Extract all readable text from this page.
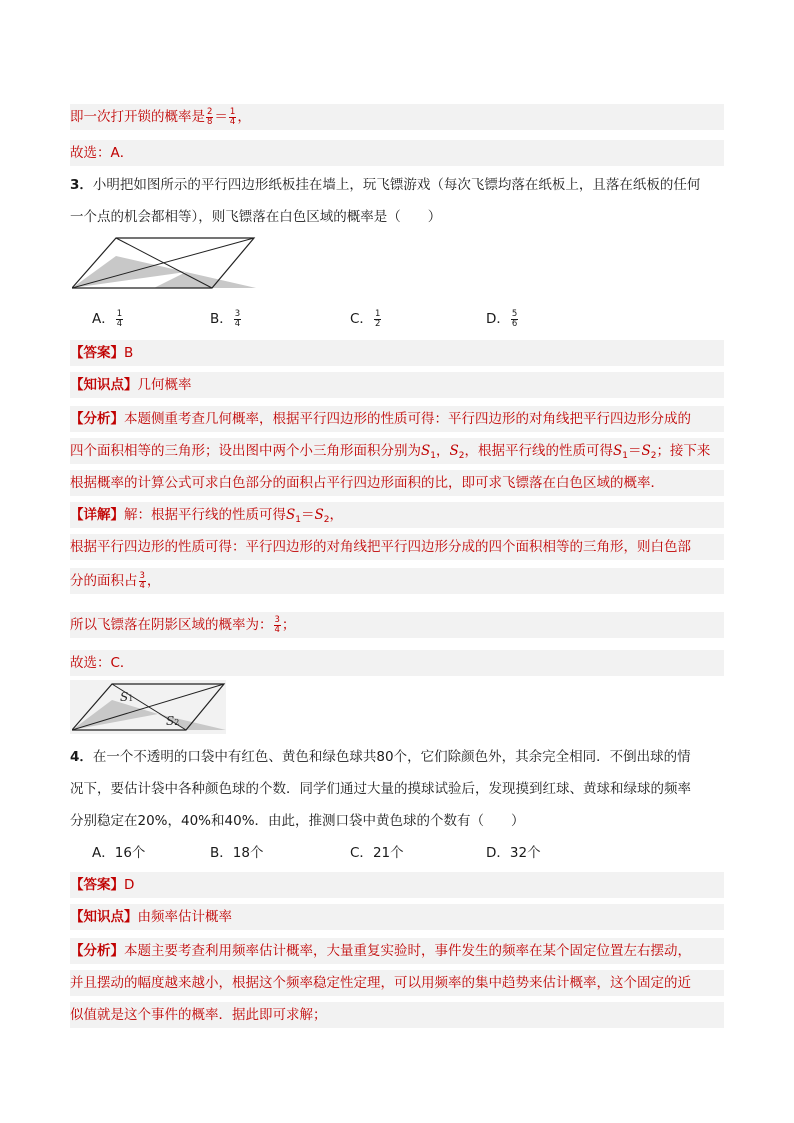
即一次打开锁的概率是 $\frac{2}{8} = \frac{1}{4}$ ，
故选：A．
3．小明把如图所示的平行四边形纸板挂在墙上，玩飞镖游戏（每次飞镖均落在纸板上，且落在纸板的任何
一个点的机会都相等），则飞镖落在白色区域的概率是（　　）
A． $\frac{1}{4}$	B． $\frac{3}{4}$	C． $\frac{1}{2}$	D． $\frac{5}{6}$
【答案】B
【知识点】几何概率
【分析】本题侧重考查几何概率，根据平行四边形的性质可得：平行四边形的对角线把平行四边形分成的
四个面积相等的三角形；设出图中两个小三角形面积分别为$S_1$，$S_2$，根据平行线的性质可得$S_1=S_2$；接下来
根据概率的计算公式可求白色部分的面积占平行四边形面积的比，即可求飞镖落在白色区域的概率．
【详解】解：根据平行线的性质可得$S_1=S_2$，
根据平行四边形的性质可得：平行四边形的对角线把平行四边形分成的四个面积相等的三角形，则白色部
分的面积占 $\frac{3}{4}$ ，
所以飞镖落在阴影区域的概率为： $\frac{3}{4}$ ；
故选：C．
S1
S2
4．在一个不透明的口袋中有红色、黄色和绿色球共80个，它们除颜色外，其余完全相同．不倒出球的情
况下，要估计袋中各种颜色球的个数．同学们通过大量的摸球试验后，发现摸到红球、黄球和绿球的频率
分别稳定在20%，40%和40%．由此，推测口袋中黄色球的个数有（　　）
A．16个	B．18个	C．21个	D．32个
【答案】D
【知识点】由频率估计概率
【分析】本题主要考查利用频率估计概率，大量重复实验时，事件发生的频率在某个固定位置左右摆动，
并且摆动的幅度越来越小，根据这个频率稳定性定理，可以用频率的集中趋势来估计概率，这个固定的近
似值就是这个事件的概率．据此即可求解；
